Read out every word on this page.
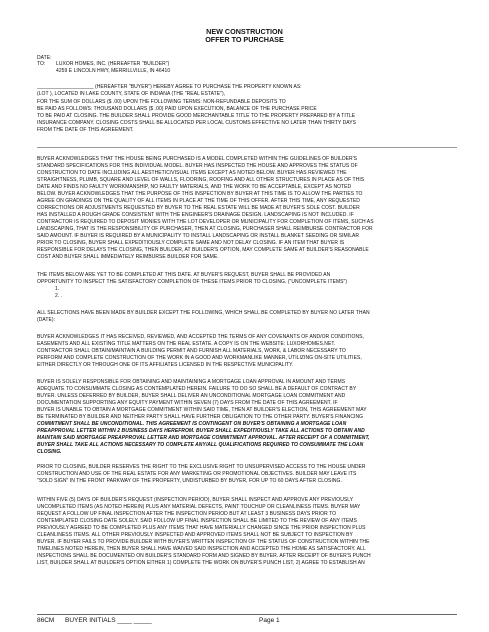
NEW CONSTRUCTION
OFFER TO PURCHASE
DATE:
TO:	LUXOR HOMES, INC. (HEREAFTER "BUILDER")
4259 E LINCOLN HWY, MERRILLVILLE, IN 46410
____________________ (HEREAFTER "BUYER") HEREBY AGREE TO PURCHASE THE PROPERTY KNOWN AS:
(LOT ), LOCATED IN LAKE COUNTY, STATE OF INDIANA (THE "REAL ESTATE"),
FOR THE SUM OF DOLLARS ($ .00) UPON THE FOLLOWING TERMS: NON-REFUNDABLE DEPOSITS TO
BE PAID AS FOLLOWS: THOUSAND DOLLARS ($ .00) PAID UPON EXECUTION, BALANCE OF THE PURCHASE PRICE
TO BE PAID AT CLOSING. THE BUILDER SHALL PROVIDE GOOD MERCHANTABLE TITLE TO THE PROPERTY PREPARED BY A TITLE
INSURANCE COMPANY. CLOSING COSTS SHALL BE ALLOCATED PER LOCAL CUSTOMS EFFECTIVE NO LATER THAN THIRTY DAYS
FROM THE DATE OF THIS AGREEMENT.
BUYER ACKNOWLEDGES THAT THE HOUSE BEING PURCHASED IS A MODEL COMPLETED WITHIN THE GUIDELINES OF BUILDER'S
STANDARD SPECIFICATIONS FOR THIS INDIVIDUAL MODEL. BUYER HAS INSPECTED THE HOUSE AND APPROVES THE STATUS OF
CONSTRUCTION TO DATE INCLUDING ALL AESTHETIC/VISUAL ITEMS EXCEPT AS NOTED BELOW. BUYER HAS REVIEWED THE
STRAIGHTNESS, PLUMB, SQUARE AND LEVEL OF WALLS, FLOORING, ROOFING AND ALL OTHER STRUCTURES IN PLACE AS OF THIS
DATE AND FINDS NO FAULTY WORKMANSHIP, NO FAULTY MATERIALS, AND THE WORK TO BE ACCEPTABLE, EXCEPT AS NOTED
BELOW. BUYER ACKNOWLEDGES THAT THE PURPOSE OF THIS INSPECTION BY BUYER AT THIS TIME IS TO ALLOW THE PARTIES TO
AGREE ON GRADINGS ON THE QUALITY OF ALL ITEMS IN PLACE AT THE TIME OF THIS OFFER. AFTER THIS TIME, ANY REQUESTED
CORRECTIONS OR ADJUSTMENTS REQUESTED BY BUYER TO THE REAL ESTATE WILL BE MADE AT BUYER'S SOLE COST. BUILDER
HAS INSTALLED A ROUGH GRADE CONSISTENT WITH THE ENGINEER'S DRAINAGE DESIGN. LANDSCAPING IS NOT INCLUDED. IF
CONTRACTOR IS REQUIRED TO DEPOSIT MONIES WITH THE LOT DEVELOPER OR MUNICIPALITY FOR COMPLETION OF ITEMS, SUCH AS
LANDSCAPING, THAT IS THE RESPONSIBILITY OF PURCHASER, THEN AT CLOSING, PURCHASER SHALL REIMBURSE CONTRACTOR FOR
SAID AMOUNT. IF BUYER IS REQUIRED BY A MUNICIPALITY TO INSTALL LANDSCAPING OR INSTALL BLANKET SEEDING OR SIMILAR
PRIOR TO CLOSING, BUYER SHALL EXPEDITIOUSLY COMPLETE SAME AND NOT DELAY CLOSING. IF AN ITEM THAT BUYER IS
RESPONSIBLE FOR DELAYS THE CLOSING, THEN BUILDER, AT BUILDER'S OPTION, MAY COMPLETE SAME AT BUILDER'S REASONABLE
COST AND BUYER SHALL IMMEDIATELY REIMBURSE BUILDER FOR SAME.
THE ITEMS BELOW ARE YET TO BE COMPLETED AT THIS DATE. AT BUYER'S REQUEST, BUYER SHALL BE PROVIDED AN
OPPORTUNITY TO INSPECT THE SATISFACTORY COMPLETION OF THESE ITEMS PRIOR TO CLOSING. ("UNCOMPLETE ITEMS")
1.
2. .
ALL SELECTIONS HAVE BEEN MADE BY BUILDER EXCEPT THE FOLLOWING, WHICH SHALL BE COMPLETED BY BUYER NO LATER THAN
(DATE):
BUYER ACKNOWLEDGES IT HAS RECEIVED, REVIEWED, AND ACCEPTED THE TERMS OF ANY COVENANTS OF AND/OR CONDITIONS,
EASEMENTS AND ALL EXISTING TITLE MATTERS ON THE REAL ESTATE. A COPY IS ON THE WEBSITE: LUXORHOMES.NET.
CONTRACTOR SHALL OBTAIN/MAINTAIN A BUILDING PERMIT AND FURNISH ALL MATERIALS, WORK, & LABOR NECESSARY TO
PERFORM AND COMPLETE CONSTRUCTION OF THE WORK IN A GOOD AND WORKMANLIKE MANNER, UTILIZING ON-SITE UTILITIES,
EITHER DIRECTLY OR THROUGH ONE OF ITS AFFILIATES LICENSED IN THE RESPECTIVE MUNICIPALITY.
BUYER IS SOLELY RESPONSIBLE FOR OBTAINING AND MAINTAINING A MORTGAGE LOAN APPROVAL IN AMOUNT AND TERMS
ADEQUATE TO CONSUMMATE CLOSING AS CONTEMPLATED HEREIN. FAILURE TO DO SO SHALL BE A DEFAULT OF CONTRACT BY
BUYER. UNLESS DEFERRED BY BUILDER, BUYER SHALL DELIVER AN UNCONDITIONAL MORTGAGE LOAN COMMITMENT AND
DOCUMENTATION SUPPORTING ANY EQUITY PAYMENT WITHIN SEVEN (7) DAYS FROM THE DATE OF THIS AGREEMENT. IF
BUYER IS UNABLE TO OBTAIN A MORTGAGE COMMITMENT WITHIN SAID TIME, THEN AT BUILDER'S ELECTION, THIS AGREEMENT MAY
BE TERMINATED BY BUILDER AND NEITHER PARTY SHALL HAVE FURTHER OBLIGATION TO THE OTHER PARTY. BUYER'S FINANCING
COMMITMENT SHALL BE UNCONDITIONAL. THIS AGREEMENT IS CONTINGENT ON BUYER'S OBTAINING A MORTGAGE LOAN
PREAPPROVAL LETTER WITHIN 2 BUSINESS DAYS HEREFROM. BUYER SHALL EXPEDITIOUSLY TAKE ALL ACTIONS TO OBTAIN AND
MAINTAIN SAID MORTGAGE PREAPPROVAL LETTER AND MORTGAGE COMMITMENT APPROVAL. AFTER RECEIPT OF A COMMITMENT,
BUYER SHALL TAKE ALL ACTIONS NECESSARY TO COMPLETE ANY/ALL QUALIFICATIONS REQUIRED TO CONSUMMATE THE LOAN
CLOSING.
PRIOR TO CLOSING, BUILDER RESERVES THE RIGHT TO THE EXCLUSIVE RIGHT TO UNSUPERVISED ACCESS TO THE HOUSE UNDER
CONSTRUCTION AND USE OF THE REAL ESTATE FOR ANY MARKETING OR PROMOTIONAL OBJECTIVES. BUILDER MAY LEAVE ITS
"SOLD SIGN" IN THE FRONT PARKWAY OF THE PROPERTY, UNDISTURBED BY BUYER, FOR UP TO 60 DAYS AFTER CLOSING.
WITHIN FIVE (5) DAYS OF BUILDER'S REQUEST (INSPECTION PERIOD), BUYER SHALL INSPECT AND APPROVE ANY PREVIOUSLY
UNCOMPLETED ITEMS (AS NOTED HEREIN) PLUS ANY MATERIAL DEFECTS, PAINT TOUCHUP OR CLEANLINESS ITEMS. BUYER MAY
REQUEST A FOLLOW UP FINAL INSPECTION AFTER THE INSPECTION PERIOD BUT AT LEAST 3 BUSINESS DAYS PRIOR TO
CONTEMPLATED CLOSING DATE SOLELY. SAID FOLLOW UP FINAL INSPECTION SHALL BE LIMITED TO THE REVIEW OF ANY ITEMS
PREVIOUSLY AGREED TO BE COMPLETED PLUS ANY ITEMS THAT HAVE MATERIALLY CHANGED SINCE THE PRIOR INSPECTION PLUS
CLEANLINESS ITEMS. ALL OTHER PREVIOUSLY INSPECTED AND APPROVED ITEMS SHALL NOT BE SUBJECT TO INSPECTION BY
BUYER. IF BUYER FAILS TO PROVIDE BUILDER WITH BUYER'S WRITTEN INSPECTION OF THE STATUS OF CONSTRUCTION WITHIN THE
TIMELINES NOTED HEREIN, THEN BUYER SHALL HAVE WAIVED SAID INSPECTION AND ACCEPTED THE HOME AS SATISFACTORY. ALL
INSPECTIONS SHALL BE DOCUMENTED ON BUILDER'S STANDARD FORM AND SIGNED BY BUYER. AFTER RECEIPT OF BUYER'S PUNCH
LIST, BUILDER SHALL AT BUILDER'S OPTION EITHER 1) COMPLETE THE WORK ON BUYER'S PUNCH LIST, 2) AGREE TO ESTABLISH AN
86CM BUYER INITIALS ____ _____	Page 1
